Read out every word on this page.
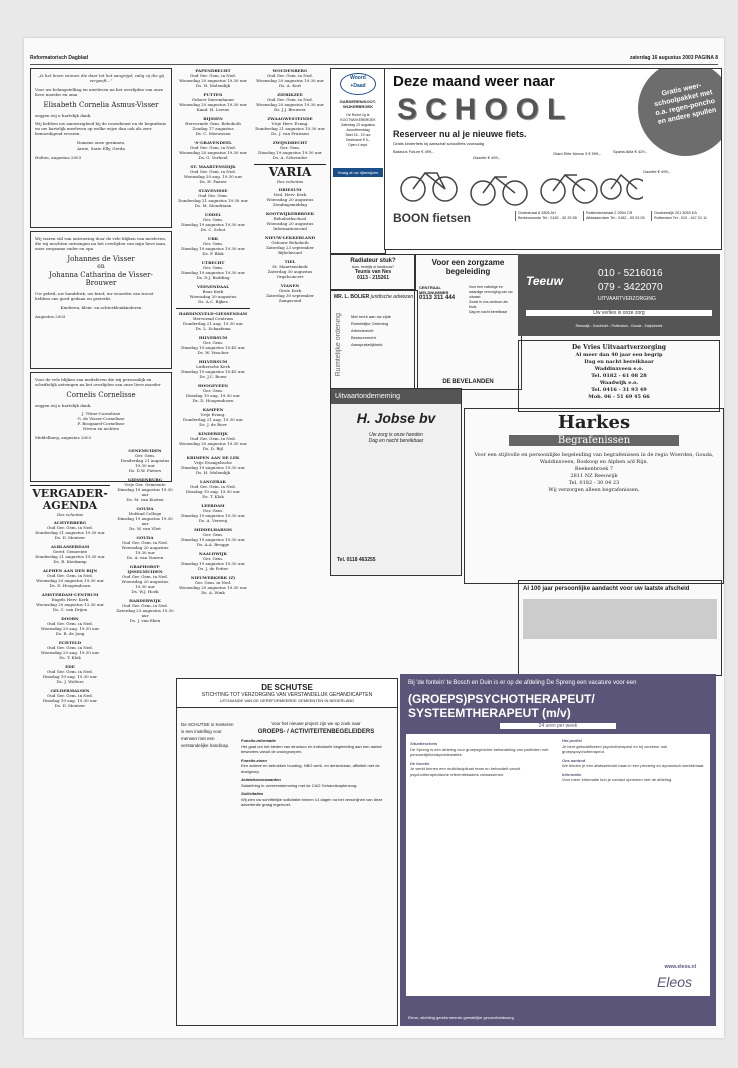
Reformatorisch Dagblad	zaterdag 16 augustus 2003 PAGINA 8

„Is het leven winnen die daar tot het aangrijpt; zalig zij die gij vergeeft...”

Voor uw belangstelling en meeleven na het overlijden van onze lieve moeder en oma

Elisabeth Cornelia Asmus-Visser

zeggen wij u hartelijk dank.

Wij hebben uw aanwezigheid bij de rouwdienst en de begrafenis en uw hartelijk meeleven op welke wijze dan ook als zeer bemoedigend ervaren.

Namens onze gezinnen,

Arnie, Sarie Elly, Gerda

Holten, augustus 2003

Wij waren stil van ontroering door de vele blijken van meeleven, die wij mochten ontvangen na het overlijden van mijn lieve man, onze zorgzame vader en opa

Johannes de Visser

en

Johanna Catharina de Visser-Brouwer

Uw gebed, uw handdruk, uw brief, uw woorden van troost hebben ons goed gedaan en gesterkt.

Kinderen, klein- en achterkleinkinderen

Augustus 2003

Voor de vele blijken van medeleven die wij persoonlijk en schriftelijk ontvingen na het overlijden van onze lieve moeder

Cornelis Cornelisse

zeggen wij u hartelijk dank.

J. Tilroe-Cornelisse

G. de Visser-Cornelisse

F. Boogaard-Cornelisse

Neven en nichten

Middelburg, augustus 2003

VERGADER-AGENDA
Des voluntas
ACHTERBERG
Oud Ger. Gem. in Ned.
Donderdag 21 augustus 19.30 uur
Ds. D. Mentzer
ALBLASSERDAM
Geref. Gemeente
Donderdag 21 augustus 19.30 uur
Ds. R. Kieskamp
ALPHEN AAN DEN RIJN
Oud Ger. Gem. in Ned.
Woensdag 20 augustus 19.30 uur
Ds. D. Hoogendoorn
AMSTERDAM-CENTRUM
Engels Herv. Kerk
Woensdag 20 augustus 13.30 uur
Ds. C. van Drijen
DOORN
Oud Ger. Gem. in Ned.
Woensdag 20 aug. 19.30 uur
Ds. R. de Jong
ECHTELD
Oud Ger. Gem. in Ned.
Woensdag 20 aug. 19.30 uur
Ds. T. Klok
EDE
Oud Ger. Gem. in Ned.
Dinsdag 19 aug. 19.30 uur
Ds. J. Wolters
GELDERMALSEN
Oud Ger. Gem. in Ned.
Dinsdag 19 aug. 19.30 uur
Ds. D. Mentzer
GENEMUIDEN
Ger. Gem.
Donderdag 21 augustus 19.30 uur
Ds. D.W. Pieters
GIESSENBURG
Vrije Ger. Gemeente
Dinsdag 19 augustus 19.30 uur
Ds. M. van Kooten
GOUDA
Hofstad College
Dinsdag 19 augustus 19.30 uur
Ds. W. van Vliet
GOUDA
Oud Ger. Gem. in Ned.
Woensdag 20 augustus 19.30 uur
Ds. A. van Vuuren
GRAFHORST-IJSSELMUIDEN
Oud Ger. Gem. in Ned.
Woensdag 20 augustus 19.30 uur
Ds. W.J. Hoek
HARDERWIJK
Oud Ger. Gem. in Ned.
Zaterdag 23 augustus 19.30 uur
Ds. J. van Eken
PAPENDRECHT
Oud Ger. Gem. in Ned.
Woensdag 20 augustus 19.30 uur
Ds. H. Molendijk
PUTTEN
Geboer Sieremhauer
Woensdag 20 augustus 19.30 uur
Kand. H. Leeuw
RIJSSEN
Hervormde Gem. Rehoboth
Zondag 17 augustus
Ds. C. Meeuwsen
'S-GRAVENDEEL
Oud Ger. Gem. in Ned.
Woensdag 20 augustus 19.30 uur
Ds. G. Verheul
ST. MAARTENSDIJK
Oud Ger. Gem. in Ned.
Woensdag 20 aug. 19.30 uur
Ds. H. Paauw
STAVENISSE
Oud Ger. Gem.
Donderdag 21 augustus 19.30 uur
Ds. M. Mondriaan
UDDEL
Ger. Gem.
Dinsdag 19 augustus 19.30 uur
Ds. C. Schot
URK
Ger. Gem.
Dinsdag 19 augustus 19.30 uur
Ds. P. Blok
UTRECHT
Ger. Gem.
Dinsdag 19 augustus 19.30 uur
Ds. D.J. Budding
VEENENDAAL
Boaz Kerk
Woensdag 20 augustus
Ds. A.C. Bijkes
HARDINXVELD-GIESSENDAM
Hervormd Centrum
Donderdag 21 aug. 19.30 uur
Ds. L. Schaafsma
HILVERSUM
Ger. Gem.
Dinsdag 19 augustus 19.45 uur
Ds. W. Visscher
HILVERSUM
Luthersche Kerk
Dinsdag 19 augustus 19.45 uur
Ds. J.C. Bouw
HOOGEVEEN
Ger. Gem.
Dinsdag 19 aug. 19.30 uur
Ds. D. Hoogendoorn
KAMPEN
Vrije Evang.
Donderdag 21 aug. 19.30 uur
Ds. J. de Boer
KINDERDIJK
Oud Ger. Gem. in Ned.
Woensdag 20 augustus 19.30 uur
Ds. D. Bijl
KRIMPEN AAN DE LEK
Vrije Evangelische
Dinsdag 19 augustus 19.30 uur
Ds. H. Molendijk
LANGERAK
Oud Ger. Gem. in Ned.
Dinsdag 19 aug. 19.30 uur
Ds. T. Klok
LEERDAM
Ger. Gem.
Dinsdag 19 augustus 19.30 uur
Ds. A. Verweij
MIDDELHARNIS
Ger. Gem.
Dinsdag 19 augustus 19.30 uur
Ds. A.A. Brugge
NAALDWIJK
Ger. Gem.
Dinsdag 19 augustus 19.30 uur
Ds. J. de Potter
NIEUWERKERK (Z)
Ger. Gem. in Ned.
Woensdag 20 augustus 19.30 uur
Ds. A. Wink
WOUDENBERG
Oud Ger. Gem. in Ned.
Woensdag 20 augustus 19.30 uur
Ds. A. Kort
ZIERIKZEE
Oud Ger. Gem. in Ned.
Woensdag 20 augustus 19.30 uur
Ds. J.J. Brouwer
ZWAAGWESTEINDE
Vrije Herv. Evang.
Donderdag 21 augustus 19.30 uur
Ds. J. van Pruissen
ZWIJNDRECHT
Ger. Gem.
Dinsdag 19 augustus 19.30 uur
Ds. A. Schreuder
VARIA
Des voluntas
DRIESUM
Ned. Herv. Kerk
Woensdag 20 augustus
Zendingsmiddag
KOOTWIJKERBROEK
Rehobothschool
Woensdag 20 augustus
Informatieavond
NIEUW-LEKKERLAND
Gebouw Rehoboth
Zaterdag 23 september
Bijbelavond
TIEL
St. Maartenskerk
Zaterdag 30 augustus
Orgelconcert
VIANEN
Grote Kerk
Zaterdag 30 september
Zangavond
Woord
+Daad
GARDEREN/KOOT-WIJKERBROEK
De Roest 2g te KOOTWIJKERBROEK
Zaterdag 23 augustus
Avondfeestdag
Start 16 - 19 uur
Deelname € 5,-
Open 4 sept.
Vraag al uw rijbewijzen
Deze maand weer naar
SCHOOL
Reserveer nu al je nieuwe fiets.
Gratis kinderfiets bij aanschaf schoolfiets vooraadig
Gratis weer-schoolpakket met o.a. regen-poncho en andere spullen
Batavus Future € 499,-
Gazelle € 499,-
Giant Elite Nexus 3 € 599,-	Sparta Alita € 429,-
Gazelle € 499,-
BOON fietsen	Grotestraat 8 2805 AH Berkenwoude Tel.: 0182 - 30 29 55
Rotterdamstraat 2 2954 CR Alblasserdam Tel.: 0182 - 50 93 05
Oostzeedijk 201 3063 KA Rotterdam Tel.: 010 - 447 01 11
Radiateur stuk?
Auto, bedrijfs of landbouw?
Teunis van Nes
0113 - 215261
MR. L. BOLIER juridische adviezen
Ruimtelijke ordening Met recht aan uw zijde
Ruimtelijke Ordening
Arbeidsrecht
Bestuursrecht
Aansprakelijkheid
Voor een zorgzame begeleiding
CENTRAAL MELDNUMMER
0113 311 444
Voor een volledige en waardige verzorging van uw uitvaart
Zowel in ons centrum als thuis
Dag en nacht bereikbaar
DE BEVELANDEN
Teeuw
010 - 5216016
079 - 3422070
UITVAARTVERZORGING
Uw verlies is onze zorg
Reeuwijk - Dordrecht - Rotterdam - Gouda - Zwijndrecht
De Vries Uitvaartverzorging
Al meer dan 40 jaar een begrip
Dag en nacht bereikbaar
Waddinxveen e.o.
Tel. 0182 - 61 08 28
Waadwijk e.o.
Tel. 0416 - 31 93 49
Mob. 06 - 51 69 45 66
Uitvaartonderneming
H. Jobse bv
Uw zorg is onze handen
Dag en nacht bereikbaar
Tel. 0118 463255
Harkes
Begrafenissen
Voor een stijlvolle en persoonlijke begeleiding van begrafenissen in de regio Woerden, Gouda, Waddinxveen, Boskoop en Alphen a/d Rijn.
Beekenbroek 7
2811 NZ Reeuwijk
Tel. 0182 - 30 04 23
Wij verzorgen alleen begrafenissen.
Al 100 jaar persoonlijke aandacht voor uw laatste afscheid
DE SCHUTSE
STICHTING TOT VERZORGING VAN VERSTANDELIJK GEHANDICAPTEN
UITGAANDE VAN DE GEREFORMEERDE GEMEENTEN IN NEDERLAND
De SCHUTSE in Kesteren is een instelling voor mensen met een verstandelijke handicap.
Voor het nieuwe project zijn we op zoek naar
GROEPS- / ACTIVITEITENBEGELEIDERS
Functie-informatie
Het gaat om het bieden van structuur en individuele begeleiding aan een aantal bewoners vanuit de woongroepen.
Functie-eisen
Een actieve en betrokken houding; HBO werk- en denkniveau; affiniteit met de doelgroep.
Arbeidsvoorwaarden
Salariëring in overeenstemming met de CAO Gehandicaptenzorg.
Sollicitaties
Wij zien uw schriftelijke sollicitatie binnen 14 dagen na het verschijnen van deze advertentie graag tegemoet.
Bij 'de fontein' te Bosch en Duin is er op de afdeling De Spreng een vacature voor een
(GROEPS)PSYCHOTHERAPEUT/ SYSTEEMTHERAPEUT (m/v)
24 uren per week
Situatieschets
De Spreng is een afdeling voor groepsgerichte behandeling van patiënten met persoonlijkheidsproblematiek.
De functie
Je werkt binnen een multidisciplinair team en behandelt vanuit psychotherapeutische referentiekaders volwassenen.
Het profiel
Je bent gekwalificeerd psychotherapeut en bij voorkeur ook groepspsychotherapeut.
Ons aanbod
We bieden je een afwisselende baan in een plezierig en dynamisch werkklimaat.
Informatie
Voor meer informatie kun je contact opnemen met de afdeling.
www.eleos.nl
Eleos
Eleos, stichting gereformeerde geestelijke gezondheidszorg
